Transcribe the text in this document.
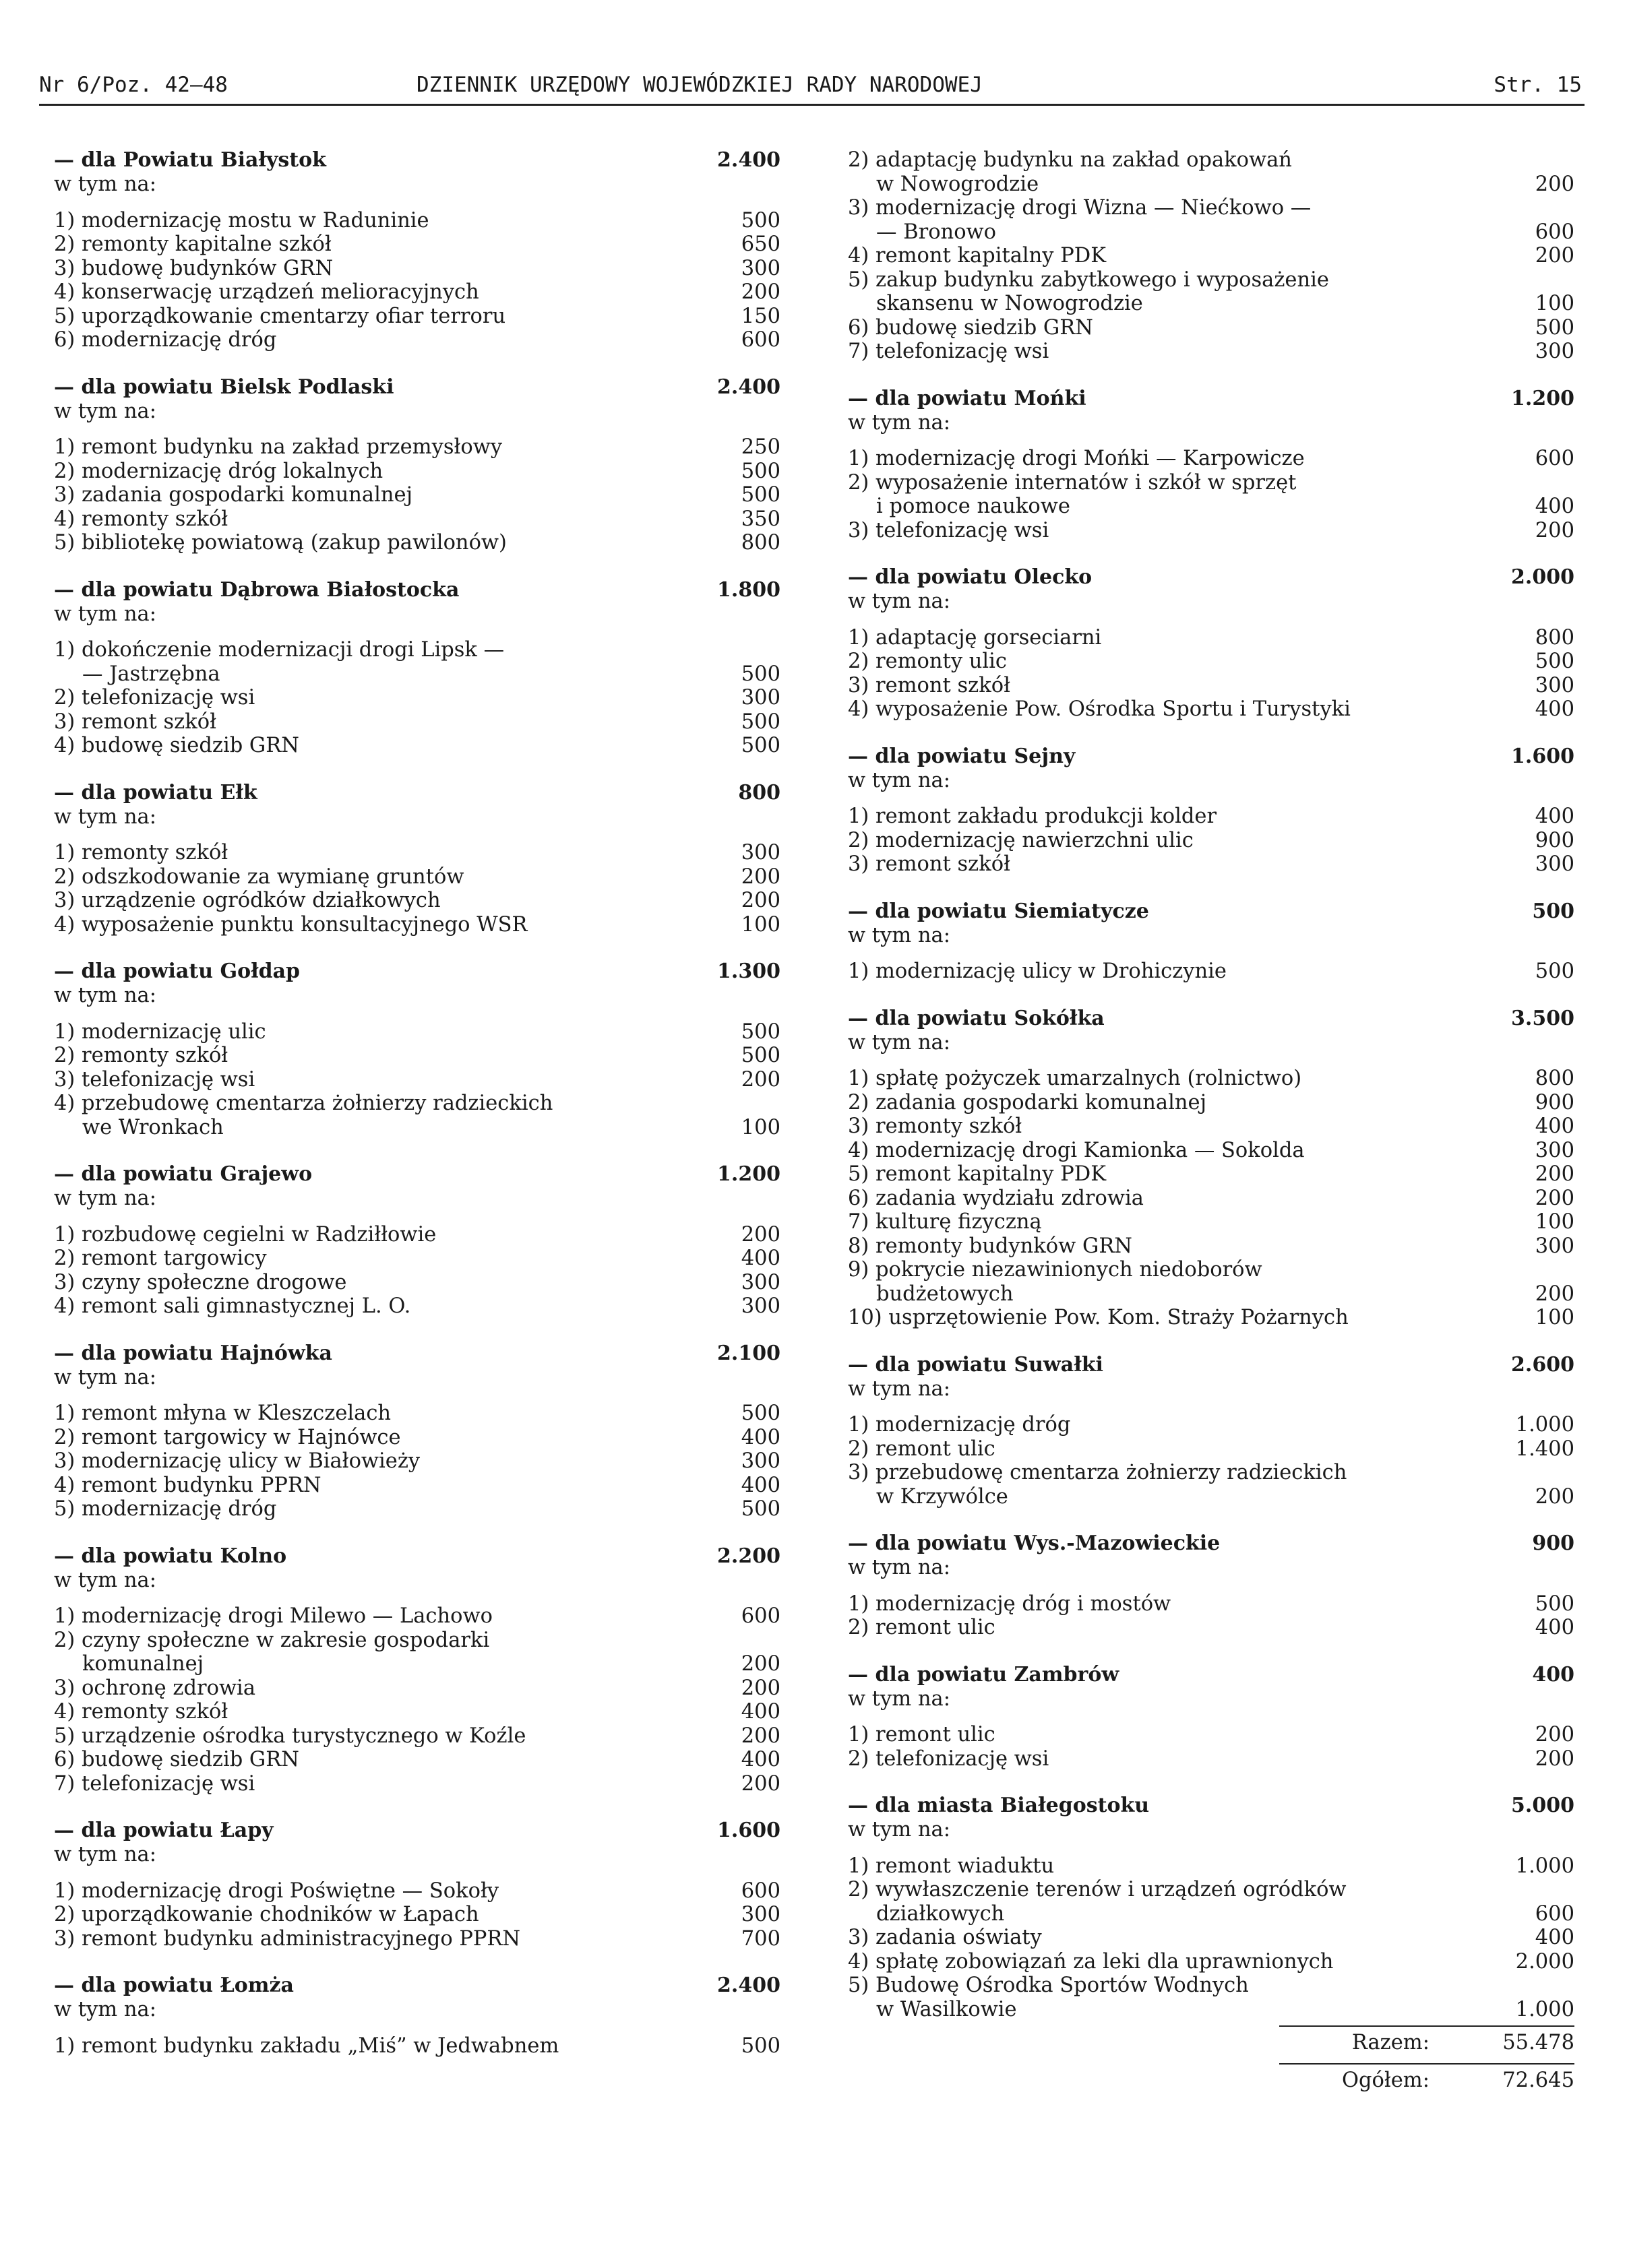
Nr 6/Poz. 42—48	DZIENNIK URZĘDOWY WOJEWÓDZKIEJ RADY NARODOWEJ	Str. 15
— dla Powiatu Białystok	2.400
w tym na:
1) modernizację mostu w Raduninie	500
2) remonty kapitalne szkół	650
3) budowę budynków GRN	300
4) konserwację urządzeń melioracyjnych	200
5) uporządkowanie cmentarzy ofiar terroru	150
6) modernizację dróg	600
— dla powiatu Bielsk Podlaski	2.400
w tym na:
1) remont budynku na zakład przemysłowy	250
2) modernizację dróg lokalnych	500
3) zadania gospodarki komunalnej	500
4) remonty szkół	350
5) bibliotekę powiatową (zakup pawilonów)	800
— dla powiatu Dąbrowa Białostocka	1.800
w tym na:
1) dokończenie modernizacji drogi Lipsk —
— Jastrzębna	500
2) telefonizację wsi	300
3) remont szkół	500
4) budowę siedzib GRN	500
— dla powiatu Ełk	800
w tym na:
1) remonty szkół	300
2) odszkodowanie za wymianę gruntów	200
3) urządzenie ogródków działkowych	200
4) wyposażenie punktu konsultacyjnego WSR	100
— dla powiatu Gołdap	1.300
w tym na:
1) modernizację ulic	500
2) remonty szkół	500
3) telefonizację wsi	200
4) przebudowę cmentarza żołnierzy radzieckich
we Wronkach	100
— dla powiatu Grajewo	1.200
w tym na:
1) rozbudowę cegielni w Radziłłowie	200
2) remont targowicy	400
3) czyny społeczne drogowe	300
4) remont sali gimnastycznej L. O.	300
— dla powiatu Hajnówka	2.100
w tym na:
1) remont młyna w Kleszczelach	500
2) remont targowicy w Hajnówce	400
3) modernizację ulicy w Białowieży	300
4) remont budynku PPRN	400
5) modernizację dróg	500
— dla powiatu Kolno	2.200
w tym na:
1) modernizację drogi Milewo — Lachowo	600
2) czyny społeczne w zakresie gospodarki
komunalnej	200
3) ochronę zdrowia	200
4) remonty szkół	400
5) urządzenie ośrodka turystycznego w Koźle	200
6) budowę siedzib GRN	400
7) telefonizację wsi	200
— dla powiatu Łapy	1.600
w tym na:
1) modernizację drogi Poświętne — Sokoły	600
2) uporządkowanie chodników w Łapach	300
3) remont budynku administracyjnego PPRN	700
— dla powiatu Łomża	2.400
w tym na:
1) remont budynku zakładu „Miś” w Jedwabnem	500
2) adaptację budynku na zakład opakowań
w Nowogrodzie	200
3) modernizację drogi Wizna — Niećkowo —
— Bronowo	600
4) remont kapitalny PDK	200
5) zakup budynku zabytkowego i wyposażenie
skansenu w Nowogrodzie	100
6) budowę siedzib GRN	500
7) telefonizację wsi	300
— dla powiatu Mońki	1.200
w tym na:
1) modernizację drogi Mońki — Karpowicze	600
2) wyposażenie internatów i szkół w sprzęt
i pomoce naukowe	400
3) telefonizację wsi	200
— dla powiatu Olecko	2.000
w tym na:
1) adaptację gorseciarni	800
2) remonty ulic	500
3) remont szkół	300
4) wyposażenie Pow. Ośrodka Sportu i Turystyki	400
— dla powiatu Sejny	1.600
w tym na:
1) remont zakładu produkcji kolder	400
2) modernizację nawierzchni ulic	900
3) remont szkół	300
— dla powiatu Siemiatycze	500
w tym na:
1) modernizację ulicy w Drohiczynie	500
— dla powiatu Sokółka	3.500
w tym na:
1) spłatę pożyczek umarzalnych (rolnictwo)	800
2) zadania gospodarki komunalnej	900
3) remonty szkół	400
4) modernizację drogi Kamionka — Sokolda	300
5) remont kapitalny PDK	200
6) zadania wydziału zdrowia	200
7) kulturę fizyczną	100
8) remonty budynków GRN	300
9) pokrycie niezawinionych niedoborów
budżetowych	200
10) usprzętowienie Pow. Kom. Straży Pożarnych	100
— dla powiatu Suwałki	2.600
w tym na:
1) modernizację dróg	1.000
2) remont ulic	1.400
3) przebudowę cmentarza żołnierzy radzieckich
w Krzywólce	200
— dla powiatu Wys.-Mazowieckie	900
w tym na:
1) modernizację dróg i mostów	500
2) remont ulic	400
— dla powiatu Zambrów	400
w tym na:
1) remont ulic	200
2) telefonizację wsi	200
— dla miasta Białegostoku	5.000
w tym na:
1) remont wiaduktu	1.000
2) wywłaszczenie terenów i urządzeń ogródków
działkowych	600
3) zadania oświaty	400
4) spłatę zobowiązań za leki dla uprawnionych	2.000
5) Budowę Ośrodka Sportów Wodnych
w Wasilkowie	1.000
Razem:	55.478
Ogółem:	72.645
